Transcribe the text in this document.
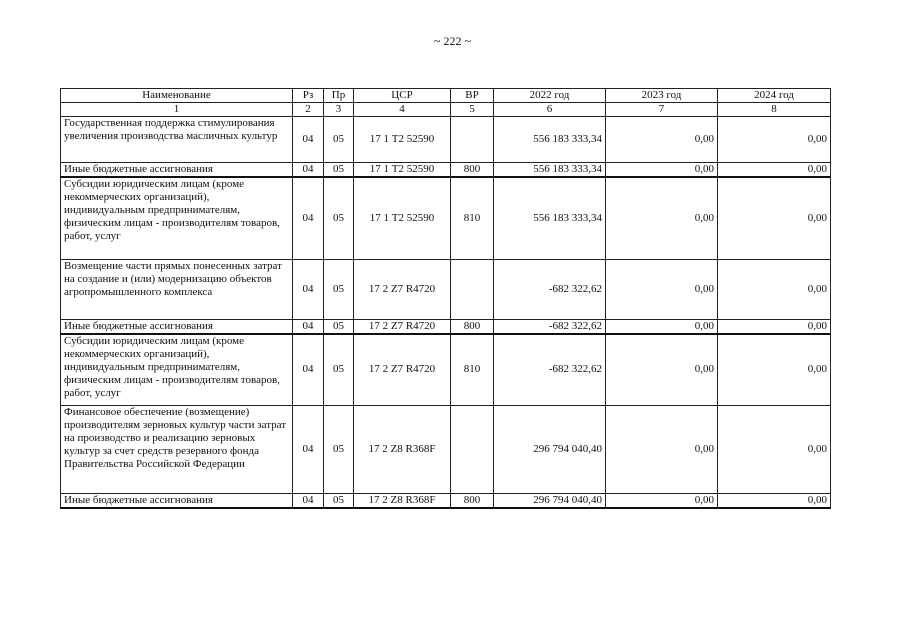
~ 222 ~
Наименование	Рз	Пр	ЦСР	ВР	2022 год	2023 год	2024 год
1	2	3	4	5	6	7	8
Государственная поддержка стимулирования увеличения производства масличных культур	04	05	17 1 Т2 52590		556 183 333,34	0,00	0,00
Иные бюджетные ассигнования	04	05	17 1 Т2 52590	800	556 183 333,34	0,00	0,00
Субсидии юридическим лицам (кроме некоммерческих организаций), индивидуальным предпринимателям, физическим лицам - производителям товаров, работ, услуг	04	05	17 1 Т2 52590	810	556 183 333,34	0,00	0,00
Возмещение части прямых понесенных затрат на создание и (или) модернизацию объектов агропромышленного комплекса	04	05	17 2 Z7 R4720		-682 322,62	0,00	0,00
Иные бюджетные ассигнования	04	05	17 2 Z7 R4720	800	-682 322,62	0,00	0,00
Субсидии юридическим лицам (кроме некоммерческих организаций), индивидуальным предпринимателям, физическим лицам - производителям товаров, работ, услуг	04	05	17 2 Z7 R4720	810	-682 322,62	0,00	0,00
Финансовое обеспечение (возмещение) производителям зерновых культур части затрат на производство и реализацию зерновых культур за счет средств резервного фонда Правительства Российской Федерации	04	05	17 2 Z8 R368F		296 794 040,40	0,00	0,00
Иные бюджетные ассигнования	04	05	17 2 Z8 R368F	800	296 794 040,40	0,00	0,00
